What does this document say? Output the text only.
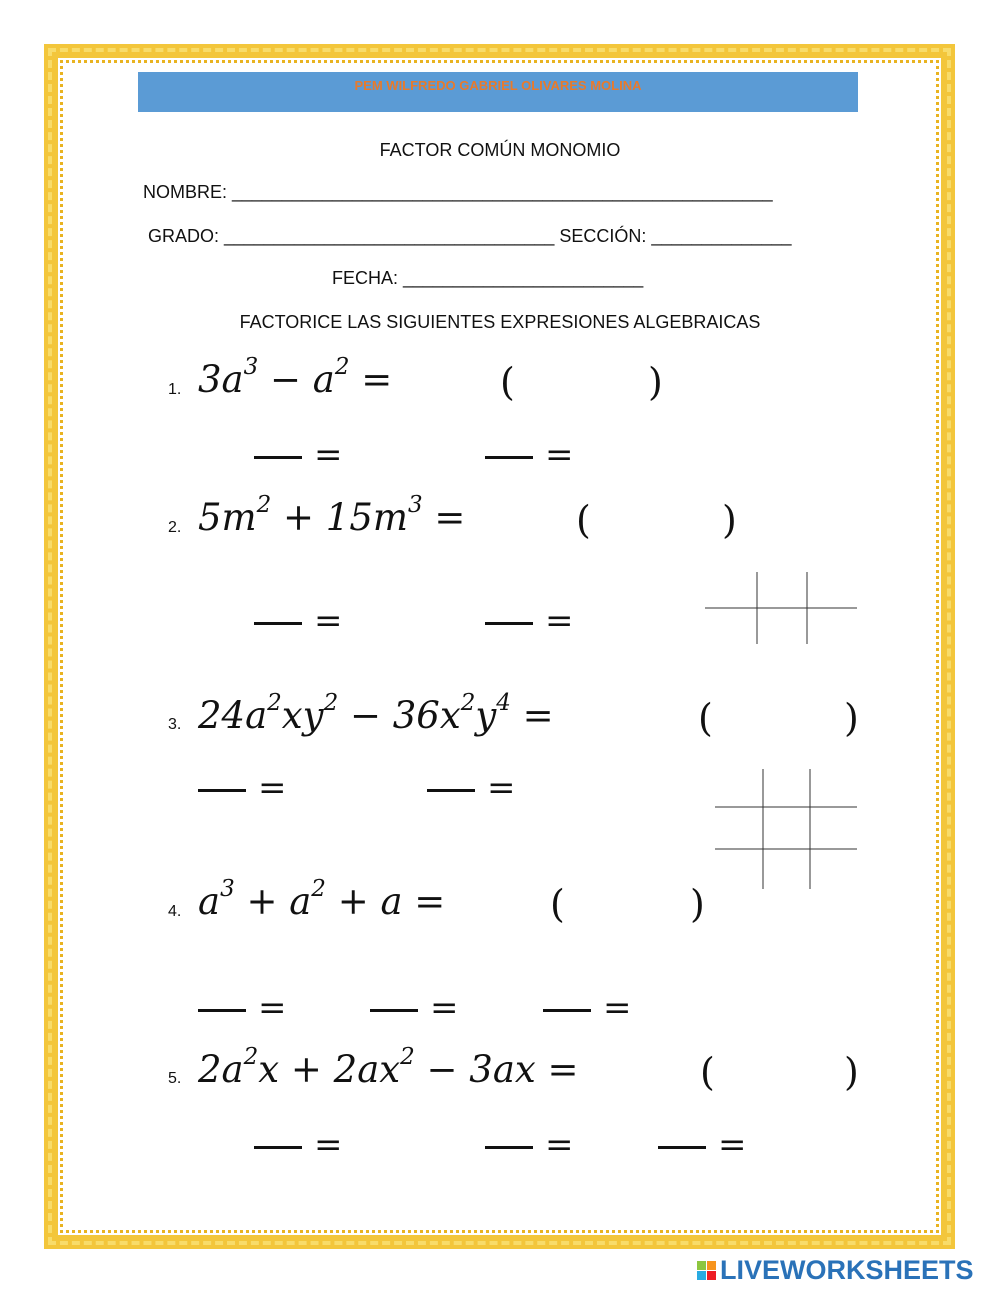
PEM WILFREDO GABRIEL OLIVARES MOLINA
FACTOR COMÚN MONOMIO
NOMBRE: ______________________________________________________
GRADO: _________________________________ SECCIÓN: ______________
FECHA: ________________________
FACTORICE LAS SIGUIENTES EXPRESIONES ALGEBRAICAS
1. $3a^3 - a^2$ =	(	)
=	=
2. $5m^2 + 15m^3$ =	(	)
=	=
3. $24a^2xy^2 - 36x^2y^4$ =	(	)
=	=
4. $a^3 + a^2 + a$ =	(	)
=	=	=
5. $2a^2x + 2ax^2 - 3ax$ =	(	)
=	=	=
LIVEWORKSHEETS
